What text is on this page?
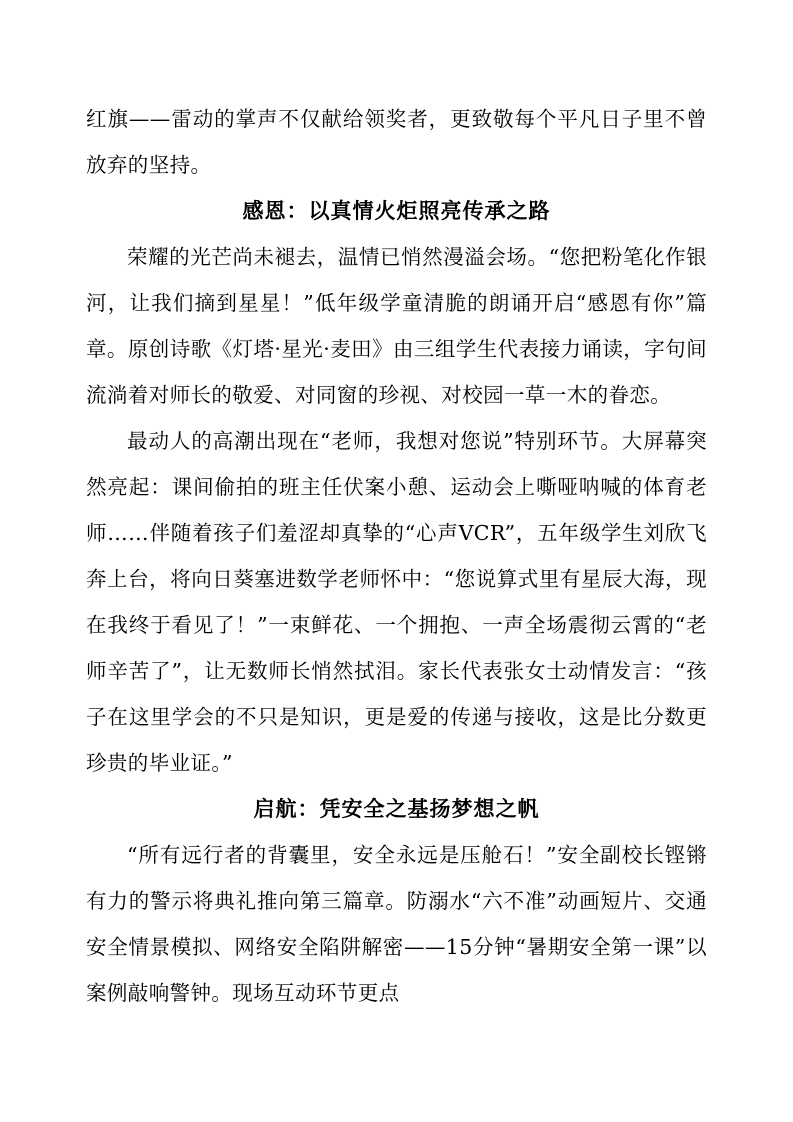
红旗——雷动的掌声不仅献给领奖者，更致敬每个平凡日子里不曾放弃的坚持。

感恩：以真情火炬照亮传承之路

荣耀的光芒尚未褪去，温情已悄然漫溢会场。“您把粉笔化作银河，让我们摘到星星！”低年级学童清脆的朗诵开启“感恩有你”篇章。原创诗歌《灯塔·星光·麦田》由三组学生代表接力诵读，字句间流淌着对师长的敬爱、对同窗的珍视、对校园一草一木的眷恋。

最动人的高潮出现在“老师，我想对您说”特别环节。大屏幕突然亮起：课间偷拍的班主任伏案小憩、运动会上嘶哑呐喊的体育老师……伴随着孩子们羞涩却真挚的“心声VCR”，五年级学生刘欣飞奔上台，将向日葵塞进数学老师怀中：“您说算式里有星辰大海，现在我终于看见了！”一束鲜花、一个拥抱、一声全场震彻云霄的“老师辛苦了”，让无数师长悄然拭泪。家长代表张女士动情发言：“孩子在这里学会的不只是知识，更是爱的传递与接收，这是比分数更珍贵的毕业证。”

启航：凭安全之基扬梦想之帆

“所有远行者的背囊里，安全永远是压舱石！”安全副校长铿锵有力的警示将典礼推向第三篇章。防溺水“六不准”动画短片、交通安全情景模拟、网络安全陷阱解密——15分钟“暑期安全第一课”以案例敲响警钟。现场互动环节更点
